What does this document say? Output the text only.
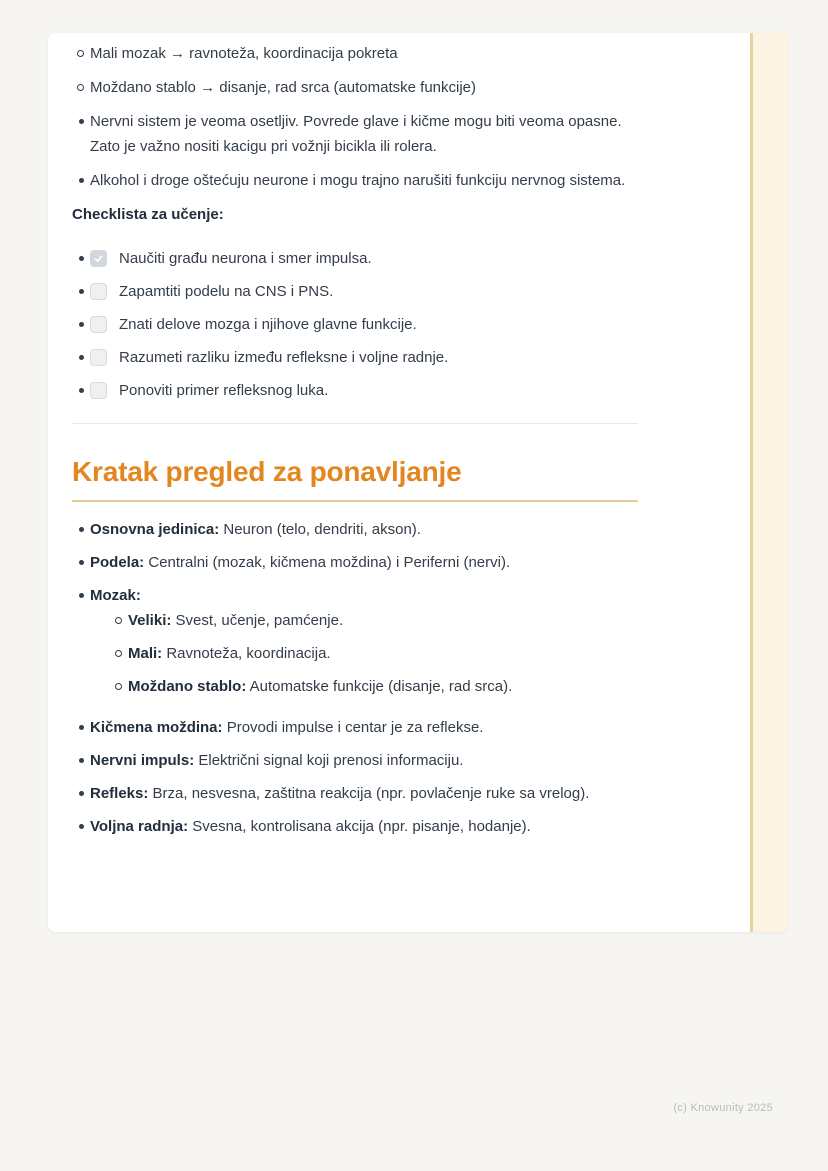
Mali mozak → ravnoteža, koordinacija pokreta
Moždano stablo → disanje, rad srca (automatske funkcije)
Nervni sistem je veoma osetljiv. Povrede glave i kičme mogu biti veoma opasne. Zato je važno nositi kacigu pri vožnji bicikla ili rolera.
Alkohol i droge oštećuju neurone i mogu trajno narušiti funkciju nervnog sistema.

Checklista za učenje:

Naučiti građu neurona i smer impulsa.
Zapamtiti podelu na CNS i PNS.
Znati delove mozga i njihove glavne funkcije.
Razumeti razliku između refleksne i voljne radnje.
Ponoviti primer refleksnog luka.
Kratak pregled za ponavljanje
Osnovna jedinica: Neuron (telo, dendriti, akson).
Podela: Centralni (mozak, kičmena moždina) i Periferni (nervi).
Mozak:
Veliki: Svest, učenje, pamćenje.
Mali: Ravnoteža, koordinacija.
Moždano stablo: Automatske funkcije (disanje, rad srca).
Kičmena moždina: Provodi impulse i centar je za reflekse.
Nervni impuls: Električni signal koji prenosi informaciju.
Refleks: Brza, nesvesna, zaštitna reakcija (npr. povlačenje ruke sa vrelog).
Voljna radnja: Svesna, kontrolisana akcija (npr. pisanje, hodanje).
(c) Knowunity 2025
